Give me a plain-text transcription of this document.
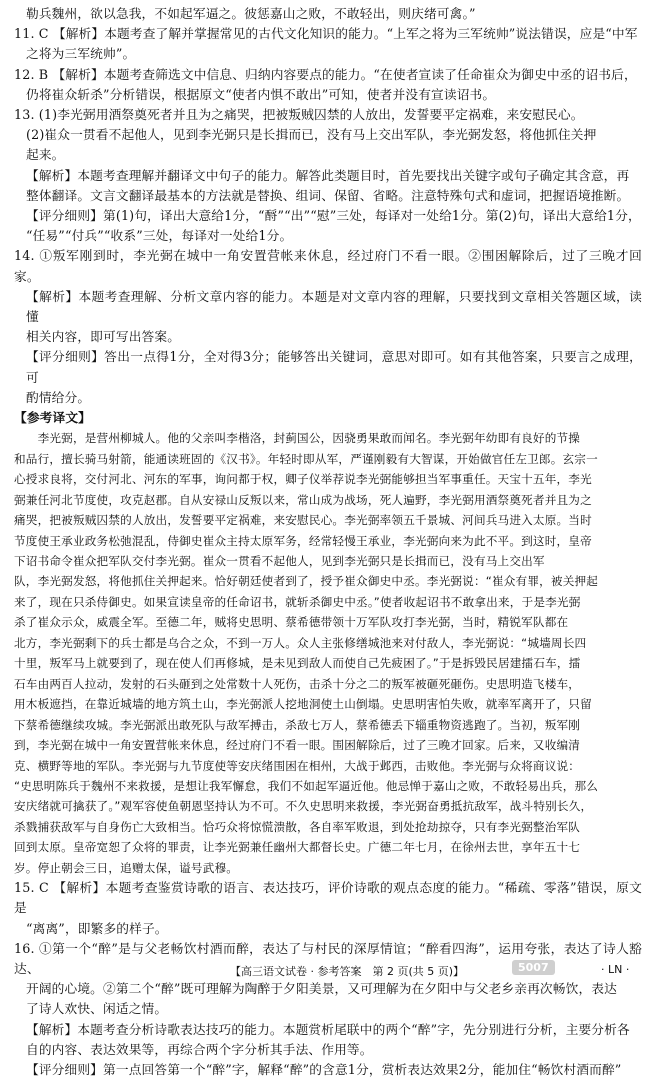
勒兵魏州，欲以急我，不如起军逼之。彼惩嘉山之败，不敢轻出，则庆绪可禽。”
11. C 【解析】本题考查了解并掌握常见的古代文化知识的能力。“上军之将为三军统帅”说法错误，应是“中军
之将为三军统帅”。
12. B 【解析】本题考查筛选文中信息、归纳内容要点的能力。“在使者宣读了任命崔众为御史中丞的诏书后，
仍将崔众斩杀”分析错误，根据原文“使者内惧不敢出”可知，使者并没有宣读诏书。
13. (1)李光弼用酒祭奠死者并且为之痛哭，把被叛贼囚禁的人放出，发誓要平定祸难，来安慰民心。
(2)崔众一贯看不起他人，见到李光弼只是长揖而已，没有马上交出军队，李光弼发怒，将他抓住关押
起来。
【解析】本题考查理解并翻译文中句子的能力。解答此类题目时，首先要找出关键字或句子确定其含意，再
整体翻译。文言文翻译最基本的方法就是替换、组词、保留、省略。注意特殊句式和虚词，把握语境推断。
【评分细则】第(1)句，译出大意给1分，“酹”“出”“慰”三处，每译对一处给1分。第(2)句，译出大意给1分，
“任易”“付兵”“收系”三处，每译对一处给1分。
14. ①叛军刚到时，李光弼在城中一角安置营帐来休息，经过府门不看一眼。②围困解除后，过了三晚才回家。
【解析】本题考查理解、分析文章内容的能力。本题是对文章内容的理解，只要找到文章相关答题区域，读懂
相关内容，即可写出答案。
【评分细则】答出一点得1分，全对得3分；能够答出关键词，意思对即可。如有其他答案，只要言之成理，可
酌情给分。
【参考译文】
　　李光弼，是营州柳城人。他的父亲叫李楷洛，封蓟国公，因骁勇果敢而闻名。李光弼年幼即有良好的节操
和品行，擅长骑马射箭，能通读班固的《汉书》。年轻时即从军，严谨刚毅有大智谋，开始做官任左卫郎。玄宗一
心授求良将，交付河北、河东的军事，询问都于权，卿子仪举荐说李光弼能够担当军事重任。天宝十五年，李光
弼兼任河北节度使，攻克赵郡。自从安禄山反叛以来，常山成为战场，死人遍野，李光弼用酒祭奠死者并且为之
痛哭，把被叛贼囚禁的人放出，发誓要平定祸难，来安慰民心。李光弼率领五千景城、河间兵马进入太原。当时
节度使王承业政务松弛混乱，侍御史崔众主持太原军务，经常轻慢王承业，李光弼向来为此不平。到这时，皇帝
下诏书命令崔众把军队交付李光弼。崔众一贯看不起他人，见到李光弼只是长揖而已，没有马上交出军
队，李光弼发怒，将他抓住关押起来。恰好朝廷使者到了，授予崔众御史中丞。李光弼说：“崔众有罪，被关押起
来了，现在只杀侍御史。如果宣读皇帝的任命诏书，就斩杀御史中丞。”使者收起诏书不敢拿出来，于是李光弼
杀了崔众示众，威震全军。至德二年，贼将史思明、蔡希德带领十万军队攻打李光弼，当时，精锐军队都在
北方，李光弼剩下的兵士都是乌合之众，不到一万人。众人主张修缮城池来对付敌人，李光弼说：“城墙周长四
十里，叛军马上就要到了，现在使人们再修城，是未见到敌人而使自己先疲困了。”于是拆毁民居建擂石车，擂
石车由两百人拉动，发射的石头砸到之处常数十人死伤，击杀十分之二的叛军被砸死砸伤。史思明造飞楼车，
用木板遮挡，在靠近城墙的地方筑土山，李光弼派人挖地洞使土山倒塌。史思明害怕失败，就率军离开了，只留
下蔡希德继续攻城。李光弼派出敢死队与敌军搏击，杀敌七万人，蔡希德丢下辎重物资逃跑了。当初，叛军刚
到，李光弼在城中一角安置营帐来休息，经过府门不看一眼。围困解除后，过了三晚才回家。后来，又收编清
克、横野等地的军队。李光弼与九节度使等安庆绪围困在相州，大战于邺西，击败他。李光弼与众将商议说：
“史思明陈兵于魏州不来救援，是想让我军懈怠，我们不如起军逼近他。他忌惮于嘉山之败，不敢轻易出兵，那么
安庆绪就可擒获了。”观军容使鱼朝恩坚持认为不可。不久史思明来救援，李光弼奋勇抵抗敌军，战斗特别长久，
杀戮捕获敌军与自身伤亡大致相当。恰巧众将惊慌溃散，各自率军败退，到处抢劫掠夺，只有李光弼整治军队
回到太原。皇帝宽恕了众将的罪责，让李光弼兼任幽州大都督长史。广德二年七月，在徐州去世，享年五十七
岁。停止朝会三日，追赠太保，谥号武穆。
15. C 【解析】本题考查鉴赏诗歌的语言、表达技巧，评价诗歌的观点态度的能力。“稀疏、零落”错误，原文是
“离离”，即繁多的样子。
16. ①第一个“醉”是与父老畅饮村酒而醉，表达了与村民的深厚情谊；“醉看四海”，运用夸张，表达了诗人豁达、
开阔的心境。②第二个“醉”既可理解为陶醉于夕阳美景，又可理解为在夕阳中与父老乡亲再次畅饮，表达
了诗人欢快、闲适之情。
【解析】本题考查分析诗歌表达技巧的能力。本题赏析尾联中的两个“醉”字，先分别进行分析，主要分析各
自的内容、表达效果等，再综合两个字分析其手法、作用等。
【评分细则】第一点回答第一个“醉”字，解释“醉”的含意1分，赏析表达效果2分，能加住“畅饮村酒而醉”
【高三语文试卷 · 参考答案　第 2 页(共 5 页)】	5007	· LN ·
